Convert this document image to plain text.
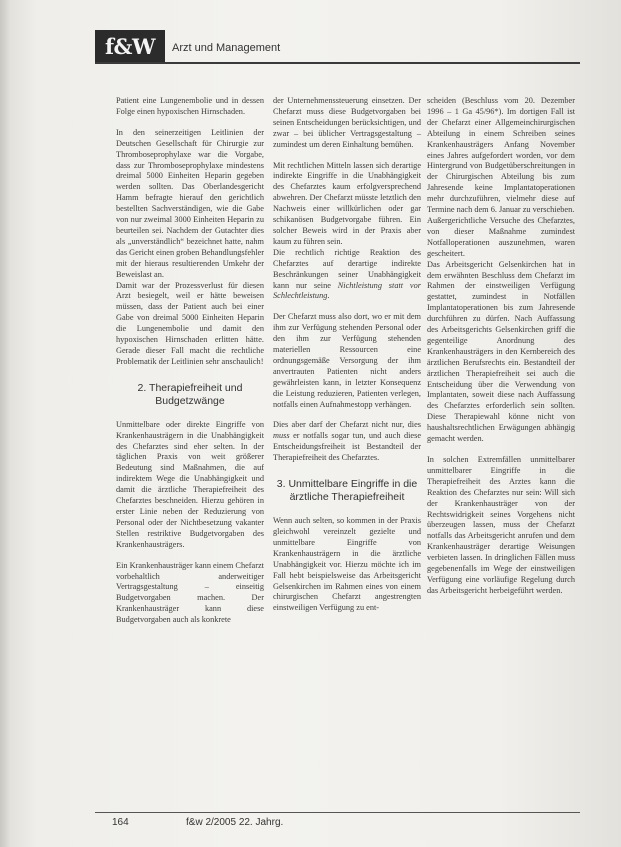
f&W	Arzt und Management

Patient eine Lungenembolie und in dessen Folge einen hypoxischen Hirnschaden.

In den seinerzeitigen Leitlinien der Deutschen Gesellschaft für Chirurgie zur Thromboseprophylaxe war die Vorgabe, dass zur Thromboseprophylaxe mindestens dreimal 5000 Einheiten Heparin gegeben werden sollten. Das Oberlandesgericht Hamm befragte hierauf den gerichtlich bestellten Sachverständigen, wie die Gabe von nur zweimal 3000 Einheiten Heparin zu beurteilen sei. Nachdem der Gutachter dies als „unverständlich“ bezeichnet hatte, nahm das Gericht einen groben Behandlungsfehler mit der hieraus resultierenden Umkehr der Beweislast an.

Damit war der Prozessverlust für diesen Arzt besiegelt, weil er hätte beweisen müssen, dass der Patient auch bei einer Gabe von dreimal 5000 Einheiten Heparin die Lungenembolie und damit den hypoxischen Hirnschaden erlitten hätte. Gerade dieser Fall macht die rechtliche Problematik der Leitlinien sehr anschaulich!

2. Therapiefreiheit und Budgetzwänge

Unmittelbare oder direkte Eingriffe von Krankenhausträgern in die Unabhängigkeit des Chefarztes sind eher selten. In der täglichen Praxis von weit größerer Bedeutung sind Maßnahmen, die auf indirektem Wege die Unabhängigkeit und damit die ärztliche Therapiefreiheit des Chefarztes beschneiden. Hierzu gehören in erster Linie neben der Reduzierung von Personal oder der Nichtbesetzung vakanter Stellen restriktive Budgetvorgaben des Krankenhausträgers.

Ein Krankenhausträger kann einem Chefarzt vorbehaltlich anderweitiger Vertragsgestaltung – einseitig Budgetvorgaben machen. Der Krankenhausträger kann diese Budgetvorgaben auch als konkrete

der Unternehmenssteuerung einsetzen. Der Chefarzt muss diese Budgetvorgaben bei seinen Entscheidungen berücksichtigen, und zwar – bei üblicher Vertragsgestaltung – zumindest um deren Einhaltung bemühen.

Mit rechtlichen Mitteln lassen sich derartige indirekte Eingriffe in die Unabhängigkeit des Chefarztes kaum erfolgversprechend abwehren. Der Chefarzt müsste letztlich den Nachweis einer willkürlichen oder gar schikanösen Budgetvorgabe führen. Ein solcher Beweis wird in der Praxis aber kaum zu führen sein.

Die rechtlich richtige Reaktion des Chefarztes auf derartige indirekte Beschränkungen seiner Unabhängigkeit kann nur seine Nichtleistung statt vor Schlechtleistung.

Der Chefarzt muss also dort, wo er mit dem ihm zur Verfügung stehenden Personal oder den ihm zur Verfügung stehenden materiellen Ressourcen eine ordnungsgemäße Versorgung der ihm anvertrauten Patienten nicht anders gewährleisten kann, in letzter Konsequenz die Leistung reduzieren, Patienten verlegen, notfalls einen Aufnahmestopp verhängen.

Dies aber darf der Chefarzt nicht nur, dies muss er notfalls sogar tun, und auch diese Entscheidungsfreiheit ist Bestandteil der Therapiefreiheit des Chefarztes.

3. Unmittelbare Eingriffe in die ärztliche Therapiefreiheit

Wenn auch selten, so kommen in der Praxis gleichwohl vereinzelt gezielte und unmittelbare Eingriffe von Krankenhausträgern in die ärztliche Unabhängigkeit vor. Hierzu möchte ich im Fall hebt beispielsweise das Arbeitsgericht Gelsenkirchen im Rahmen eines von einem chirurgischen Chefarzt angestrengten einstweiligen Verfügung zu ent-

scheiden (Beschluss vom 20. Dezember 1996 – 1 Ga 45/96*). Im dortigen Fall ist der Chefarzt einer Allgemeinchirurgischen Abteilung in einem Schreiben seines Krankenhausträgers Anfang November eines Jahres aufgefordert worden, vor dem Hintergrund von Budgetüberschreitungen in der Chirurgischen Abteilung bis zum Jahresende keine Implantatoperationen mehr durchzuführen, vielmehr diese auf Termine nach dem 6. Januar zu verschieben.

Außergerichtliche Versuche des Chefarztes, von dieser Maßnahme zumindest Notfalloperationen auszunehmen, waren gescheitert.

Das Arbeitsgericht Gelsenkirchen hat in dem erwähnten Beschluss dem Chefarzt im Rahmen der einstweiligen Verfügung gestattet, zumindest in Notfällen Implantatoperationen bis zum Jahresende durchführen zu dürfen. Nach Auffassung des Arbeitsgerichts Gelsenkirchen griff die gegenteilige Anordnung des Krankenhausträgers in den Kernbereich des ärztlichen Berufsrechts ein. Bestandteil der ärztlichen Therapiefreiheit sei auch die Entscheidung über die Verwendung von Implantaten, soweit diese nach Auffassung des Chefarztes erforderlich sein sollten. Diese Therapiewahl könne nicht von haushaltsrechtlichen Erwägungen abhängig gemacht werden.

In solchen Extremfällen unmittelbarer unmittelbarer Eingriffe in die Therapiefreiheit des Arztes kann die Reaktion des Chefarztes nur sein: Will sich der Krankenhausträger von der Rechtswidrigkeit seines Vorgehens nicht überzeugen lassen, muss der Chefarzt notfalls das Arbeitsgericht anrufen und dem Krankenhausträger derartige Weisungen verbieten lassen. In dringlichen Fällen muss gegebenenfalls im Wege der einstweiligen Verfügung eine vorläufige Regelung durch das Arbeitsgericht herbeigeführt werden.

164	f&w 2/2005 22. Jahrg.
